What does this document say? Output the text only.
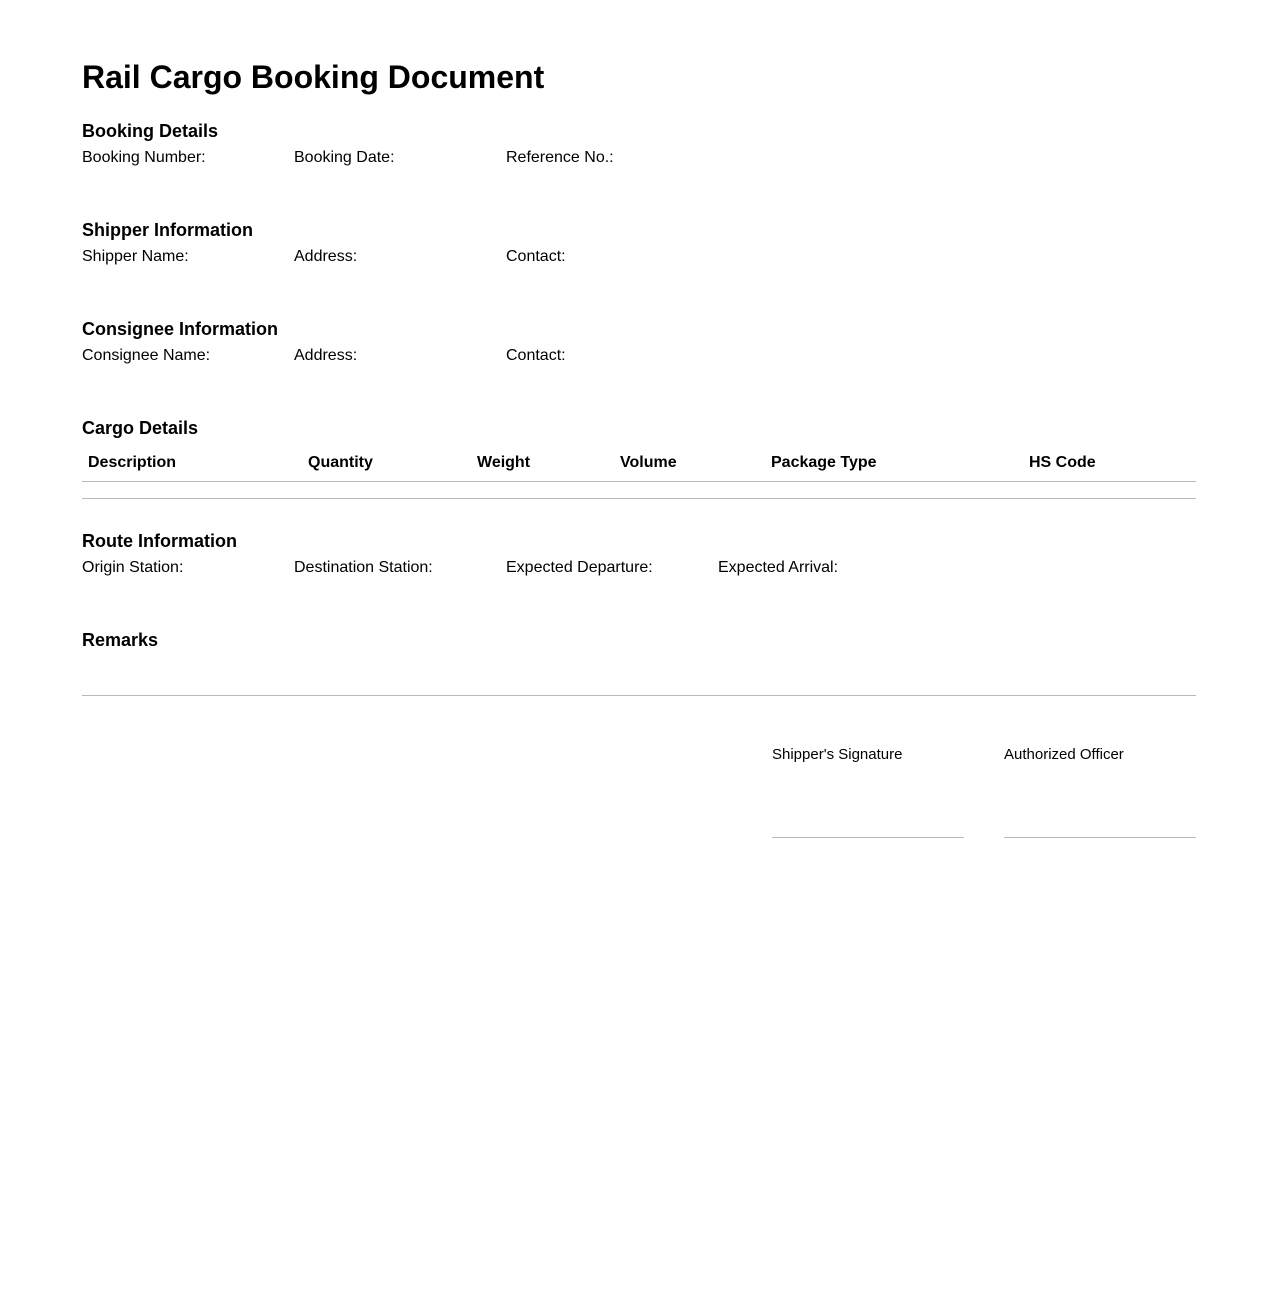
Rail Cargo Booking Document
Booking Details
Booking Number:	Booking Date:	Reference No.:
Shipper Information
Shipper Name:	Address:	Contact:
Consignee Information
Consignee Name:	Address:	Contact:
Cargo Details
Description	Quantity	Weight	Volume	Package Type	HS Code
Route Information
Origin Station:	Destination Station:	Expected Departure:	Expected Arrival:
Remarks
Shipper's Signature	Authorized Officer
